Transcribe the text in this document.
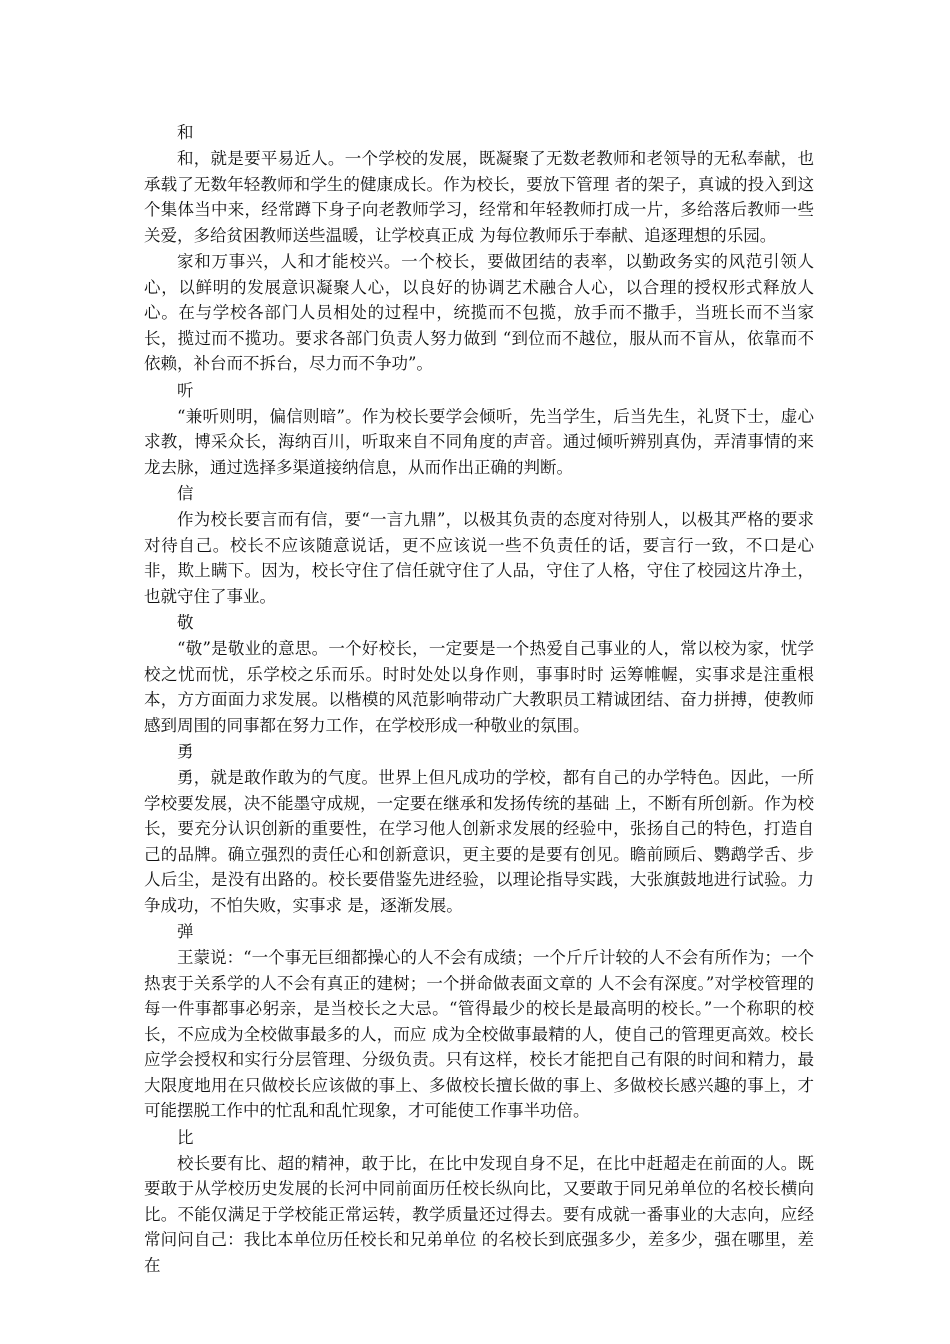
和

和，就是要平易近人。一个学校的发展，既凝聚了无数老教师和老领导的无私奉献，也承载了无数年轻教师和学生的健康成长。作为校长，要放下管理 者的架子，真诚的投入到这个集体当中来，经常蹲下身子向老教师学习，经常和年轻教师打成一片，多给落后教师一些关爱，多给贫困教师送些温暖，让学校真正成 为每位教师乐于奉献、追逐理想的乐园。

家和万事兴，人和才能校兴。一个校长，要做团结的表率，以勤政务实的风范引领人心，以鲜明的发展意识凝聚人心，以良好的协调艺术融合人心，以合理的授权形式释放人心。在与学校各部门人员相处的过程中，统揽而不包揽，放手而不撒手，当班长而不当家长，揽过而不揽功。要求各部门负责人努力做到 “到位而不越位，服从而不盲从，依靠而不依赖，补台而不拆台，尽力而不争功”。

听

“兼听则明，偏信则暗”。作为校长要学会倾听，先当学生，后当先生，礼贤下士，虚心求教，博采众长，海纳百川，听取来自不同角度的声音。通过倾听辨别真伪，弄清事情的来龙去脉，通过选择多渠道接纳信息，从而作出正确的判断。

信

作为校长要言而有信，要“一言九鼎”，以极其负责的态度对待别人，以极其严格的要求对待自己。校长不应该随意说话，更不应该说一些不负责任的话，要言行一致，不口是心非，欺上瞒下。因为，校长守住了信任就守住了人品，守住了人格，守住了校园这片净土，也就守住了事业。

敬

“敬”是敬业的意思。一个好校长，一定要是一个热爱自己事业的人，常以校为家，忧学校之忧而忧，乐学校之乐而乐。时时处处以身作则，事事时时 运筹帷幄，实事求是注重根本，方方面面力求发展。以楷模的风范影响带动广大教职员工精诚团结、奋力拼搏，使教师感到周围的同事都在努力工作，在学校形成一种敬业的氛围。

勇

勇，就是敢作敢为的气度。世界上但凡成功的学校，都有自己的办学特色。因此，一所学校要发展，决不能墨守成规，一定要在继承和发扬传统的基础 上，不断有所创新。作为校长，要充分认识创新的重要性，在学习他人创新求发展的经验中，张扬自己的特色，打造自己的品牌。确立强烈的责任心和创新意识，更主要的是要有创见。瞻前顾后、鹦鹉学舌、步人后尘，是没有出路的。校长要借鉴先进经验，以理论指导实践，大张旗鼓地进行试验。力争成功，不怕失败，实事求 是，逐渐发展。

弹

王蒙说：“一个事无巨细都操心的人不会有成绩；一个斤斤计较的人不会有所作为；一个热衷于关系学的人不会有真正的建树；一个拼命做表面文章的 人不会有深度。”对学校管理的每一件事都事必躬亲，是当校长之大忌。“管得最少的校长是最高明的校长。”一个称职的校长，不应成为全校做事最多的人，而应 成为全校做事最精的人，使自己的管理更高效。校长应学会授权和实行分层管理、分级负责。只有这样，校长才能把自己有限的时间和精力，最大限度地用在只做校长应该做的事上、多做校长擅长做的事上、多做校长感兴趣的事上，才可能摆脱工作中的忙乱和乱忙现象，才可能使工作事半功倍。

比

校长要有比、超的精神，敢于比，在比中发现自身不足，在比中赶超走在前面的人。既要敢于从学校历史发展的长河中同前面历任校长纵向比，又要敢于同兄弟单位的名校长横向比。不能仅满足于学校能正常运转，教学质量还过得去。要有成就一番事业的大志向，应经常问问自己：我比本单位历任校长和兄弟单位 的名校长到底强多少，差多少，强在哪里，差在
